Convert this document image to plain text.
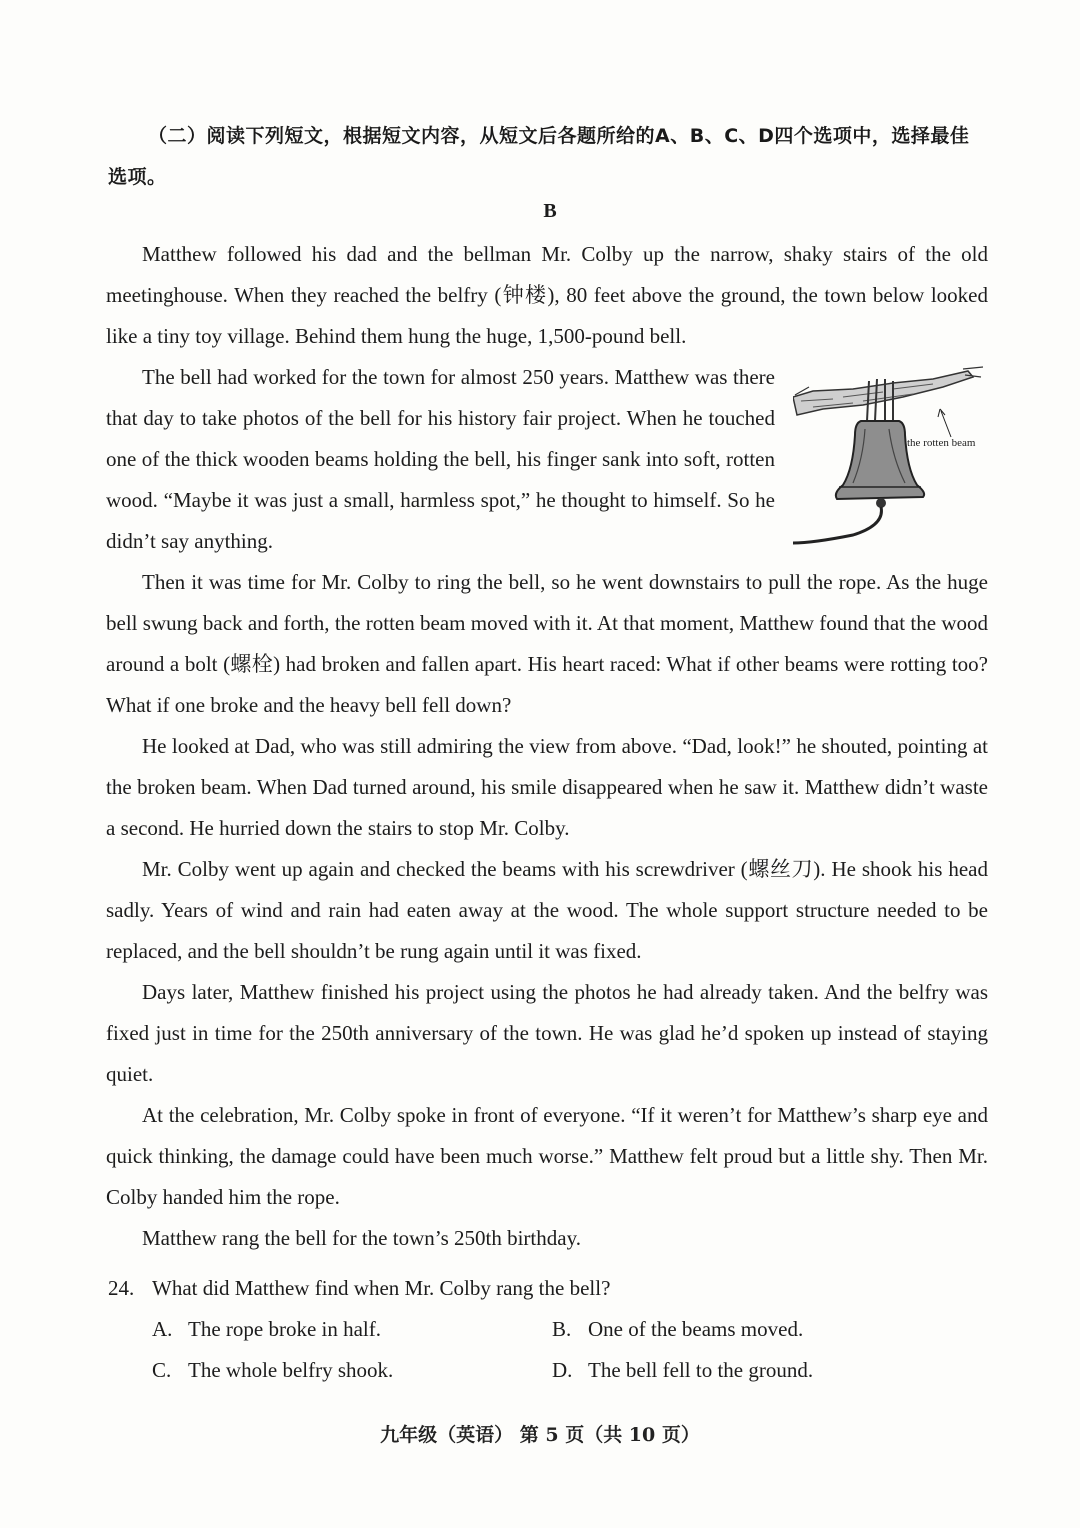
（二）阅读下列短文，根据短文内容，从短文后各题所给的A、B、C、D四个选项中，选择最佳选项。
B

Matthew followed his dad and the bellman Mr. Colby up the narrow, shaky stairs of the old meetinghouse. When they reached the belfry (钟楼), 80 feet above the ground, the town below looked like a tiny toy village. Behind them hung the huge, 1,500-pound bell.

the rotten beam

The bell had worked for the town for almost 250 years. Matthew was there that day to take photos of the bell for his history fair project. When he touched one of the thick wooden beams holding the bell, his finger sank into soft, rotten wood. “Maybe it was just a small, harmless spot,” he thought to himself. So he didn’t say anything.

Then it was time for Mr. Colby to ring the bell, so he went downstairs to pull the rope. As the huge bell swung back and forth, the rotten beam moved with it. At that moment, Matthew found that the wood around a bolt (螺栓) had broken and fallen apart. His heart raced: What if other beams were rotting too? What if one broke and the heavy bell fell down?

He looked at Dad, who was still admiring the view from above. “Dad, look!” he shouted, pointing at the broken beam. When Dad turned around, his smile disappeared when he saw it. Matthew didn’t waste a second. He hurried down the stairs to stop Mr. Colby.

Mr. Colby went up again and checked the beams with his screwdriver (螺丝刀). He shook his head sadly. Years of wind and rain had eaten away at the wood. The whole support structure needed to be replaced, and the bell shouldn’t be rung again until it was fixed.

Days later, Matthew finished his project using the photos he had already taken. And the belfry was fixed just in time for the 250th anniversary of the town. He was glad he’d spoken up instead of staying quiet.

At the celebration, Mr. Colby spoke in front of everyone. “If it weren’t for Matthew’s sharp eye and quick thinking, the damage could have been much worse.” Matthew felt proud but a little shy. Then Mr. Colby handed him the rope.

Matthew rang the bell for the town’s 250th birthday.

24. What did Matthew find when Mr. Colby rang the bell?
A. The rope broke in half.	B. One of the beams moved.
C. The whole belfry shook.	D. The bell fell to the ground.
九年级（英语） 第 5 页（共 10 页）
